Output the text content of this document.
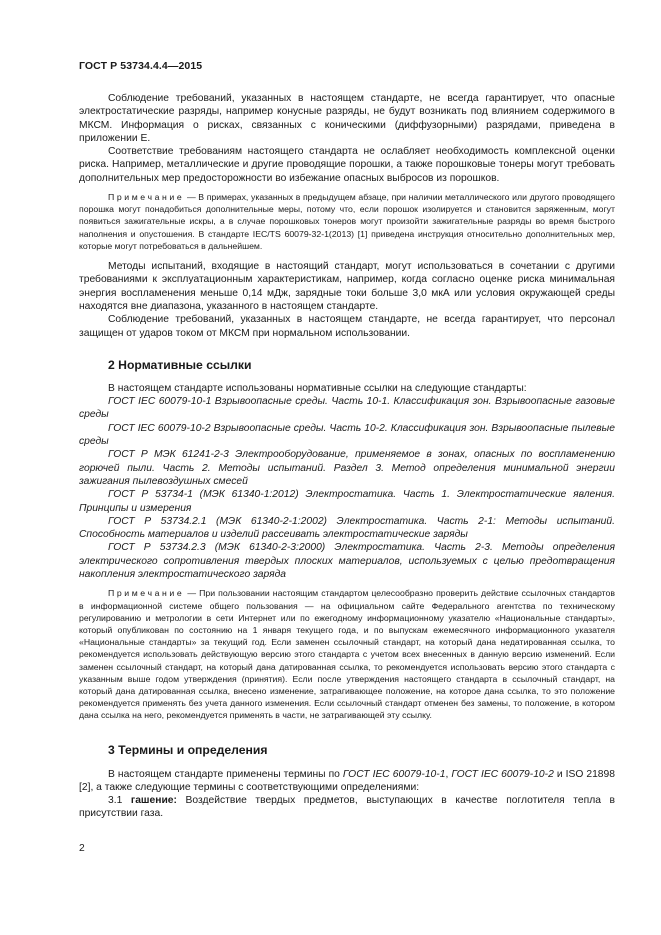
ГОСТ Р 53734.4.4—2015

Соблюдение требований, указанных в настоящем стандарте, не всегда гарантирует, что опасные электростатические разряды, например конусные разряды, не будут возникать под влиянием содержимого в МКСМ. Информация о рисках, связанных с коническими (диффузорными) разрядами, приведена в приложении Е.

Соответствие требованиям настоящего стандарта не ослабляет необходимость комплексной оценки риска. Например, металлические и другие проводящие порошки, а также порошковые тонеры могут требовать дополнительных мер предосторожности во избежание опасных выбросов из порошков.

Примечание — В примерах, указанных в предыдущем абзаце, при наличии металлического или другого проводящего порошка могут понадобиться дополнительные меры, потому что, если порошок изолируется и становится заряженным, могут появиться зажигательные искры, а в случае порошковых тонеров могут произойти зажигательные разряды во время быстрого наполнения и опустошения. В стандарте IEC/TS 60079-32-1(2013) [1] приведена инструкция относительно дополнительных мер, которые могут потребоваться в дальнейшем.

Методы испытаний, входящие в настоящий стандарт, могут использоваться в сочетании с другими требованиями к эксплуатационным характеристикам, например, когда согласно оценке риска минимальная энергия воспламенения меньше 0,14 мДж, зарядные токи больше 3,0 мкА или условия окружающей среды находятся вне диапазона, указанного в настоящем стандарте.

Соблюдение требований, указанных в настоящем стандарте, не всегда гарантирует, что персонал защищен от ударов током от МКСМ при нормальном использовании.

2 Нормативные ссылки

В настоящем стандарте использованы нормативные ссылки на следующие стандарты:

ГОСТ IEC 60079-10-1 Взрывоопасные среды. Часть 10-1. Классификация зон. Взрывоопасные газовые среды

ГОСТ IEC 60079-10-2 Взрывоопасные среды. Часть 10-2. Классификация зон. Взрывоопасные пылевые среды

ГОСТ Р МЭК 61241-2-3 Электрооборудование, применяемое в зонах, опасных по воспламенению горючей пыли. Часть 2. Методы испытаний. Раздел 3. Метод определения минимальной энергии зажигания пылевоздушных смесей

ГОСТ Р 53734-1 (МЭК 61340-1:2012) Электростатика. Часть 1. Электростатические явления. Принципы и измерения

ГОСТ Р 53734.2.1 (МЭК 61340-2-1:2002) Электростатика. Часть 2-1: Методы испытаний. Способность материалов и изделий рассеивать электростатические заряды

ГОСТ Р 53734.2.3 (МЭК 61340-2-3:2000) Электростатика. Часть 2-3. Методы определения электрического сопротивления твердых плоских материалов, используемых с целью предотвращения накопления электростатического заряда

Примечание — При пользовании настоящим стандартом целесообразно проверить действие ссылочных стандартов в информационной системе общего пользования — на официальном сайте Федерального агентства по техническому регулированию и метрологии в сети Интернет или по ежегодному информационному указателю «Национальные стандарты», который опубликован по состоянию на 1 января текущего года, и по выпускам ежемесячного информационного указателя «Национальные стандарты» за текущий год. Если заменен ссылочный стандарт, на который дана недатированная ссылка, то рекомендуется использовать действующую версию этого стандарта с учетом всех внесенных в данную версию изменений. Если заменен ссылочный стандарт, на который дана датированная ссылка, то рекомендуется использовать версию этого стандарта с указанным выше годом утверждения (принятия). Если после утверждения настоящего стандарта в ссылочный стандарт, на который дана датированная ссылка, внесено изменение, затрагивающее положение, на которое дана ссылка, то это положение рекомендуется применять без учета данного изменения. Если ссылочный стандарт отменен без замены, то положение, в котором дана ссылка на него, рекомендуется применять в части, не затрагивающей эту ссылку.

3 Термины и определения

В настоящем стандарте применены термины по ГОСТ IEC 60079-10-1, ГОСТ IEC 60079-10-2 и ISO 21898 [2], а также следующие термины с соответствующими определениями:

3.1 гашение: Воздействие твердых предметов, выступающих в качестве поглотителя тепла в присутствии газа.

2
